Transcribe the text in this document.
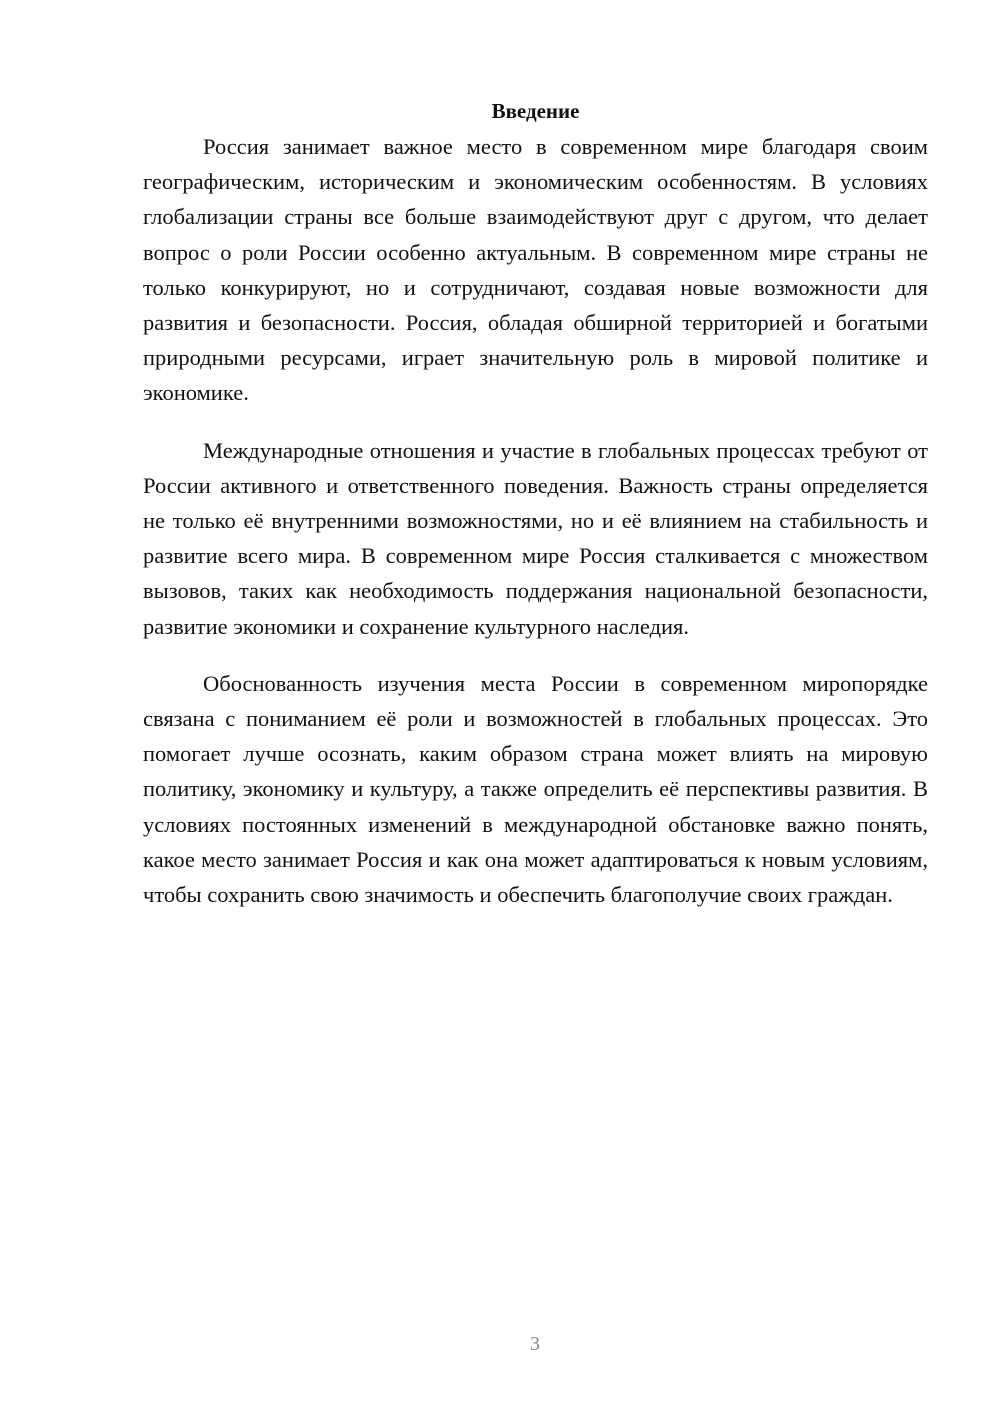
Введение

Россия занимает важное место в современном мире благодаря своим географическим, историческим и экономическим особенностям. В условиях глобализации страны все больше взаимодействуют друг с другом, что делает вопрос о роли России особенно актуальным. В современном мире страны не только конкурируют, но и сотрудничают, создавая новые возможности для развития и безопасности. Россия, обладая обширной территорией и богатыми природными ресурсами, играет значительную роль в мировой политике и экономике.

Международные отношения и участие в глобальных процессах требуют от России активного и ответственного поведения. Важность страны определяется не только её внутренними возможностями, но и её влиянием на стабильность и развитие всего мира. В современном мире Россия сталкивается с множеством вызовов, таких как необходимость поддержания национальной безопасности, развитие экономики и сохранение культурного наследия.

Обоснованность изучения места России в современном миропорядке связана с пониманием её роли и возможностей в глобальных процессах. Это помогает лучше осознать, каким образом страна может влиять на мировую политику, экономику и культуру, а также определить её перспективы развития. В условиях постоянных изменений в международной обстановке важно понять, какое место занимает Россия и как она может адаптироваться к новым условиям, чтобы сохранить свою значимость и обеспечить благополучие своих граждан.

3
